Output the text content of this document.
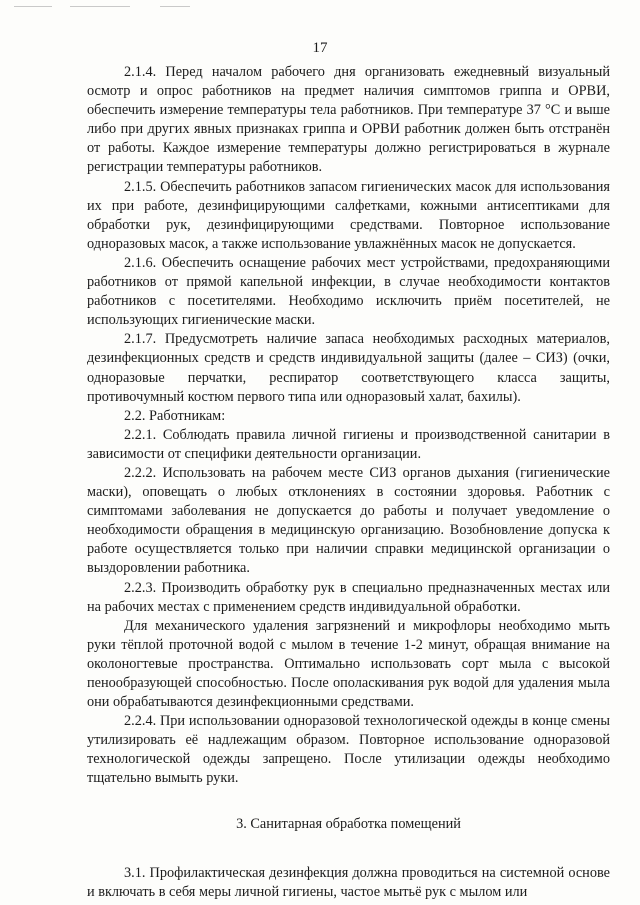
17

2.1.4. Перед началом рабочего дня организовать ежедневный визуальный осмотр и опрос работников на предмет наличия симптомов гриппа и ОРВИ, обеспечить измерение температуры тела работников. При температуре 37 °С и выше либо при других явных признаках гриппа и ОРВИ работник должен быть отстранён от работы. Каждое измерение температуры должно регистрироваться в журнале регистрации температуры работников.

2.1.5. Обеспечить работников запасом гигиенических масок для использования их при работе, дезинфицирующими салфетками, кожными антисептиками для обработки рук, дезинфицирующими средствами. Повторное использование одноразовых масок, а также использование увлажнённых масок не допускается.

2.1.6. Обеспечить оснащение рабочих мест устройствами, предохраняющими работников от прямой капельной инфекции, в случае необходимости контактов работников с посетителями. Необходимо исключить приём посетителей, не использующих гигиенические маски.

2.1.7. Предусмотреть наличие запаса необходимых расходных материалов, дезинфекционных средств и средств индивидуальной защиты (далее – СИЗ) (очки, одноразовые перчатки, респиратор соответствующего класса защиты, противочумный костюм первого типа или одноразовый халат, бахилы).

2.2. Работникам:

2.2.1. Соблюдать правила личной гигиены и производственной санитарии в зависимости от специфики деятельности организации.

2.2.2. Использовать на рабочем месте СИЗ органов дыхания (гигиенические маски), оповещать о любых отклонениях в состоянии здоровья. Работник с симптомами заболевания не допускается до работы и получает уведомление о необходимости обращения в медицинскую организацию. Возобновление допуска к работе осуществляется только при наличии справки медицинской организации о выздоровлении работника.

2.2.3. Производить обработку рук в специально предназначенных местах или на рабочих местах с применением средств индивидуальной обработки.

Для механического удаления загрязнений и микрофлоры необходимо мыть руки тёплой проточной водой с мылом в течение 1-2 минут, обращая внимание на околоногтевые пространства. Оптимально использовать сорт мыла с высокой пенообразующей способностью. После ополаскивания рук водой для удаления мыла они обрабатываются дезинфекционными средствами.

2.2.4. При использовании одноразовой технологической одежды в конце смены утилизировать её надлежащим образом. Повторное использование одноразовой технологической одежды запрещено. После утилизации одежды необходимо тщательно вымыть руки.

3. Санитарная обработка помещений

3.1. Профилактическая дезинфекция должна проводиться на системной основе и включать в себя меры личной гигиены, частое мытьё рук с мылом или
